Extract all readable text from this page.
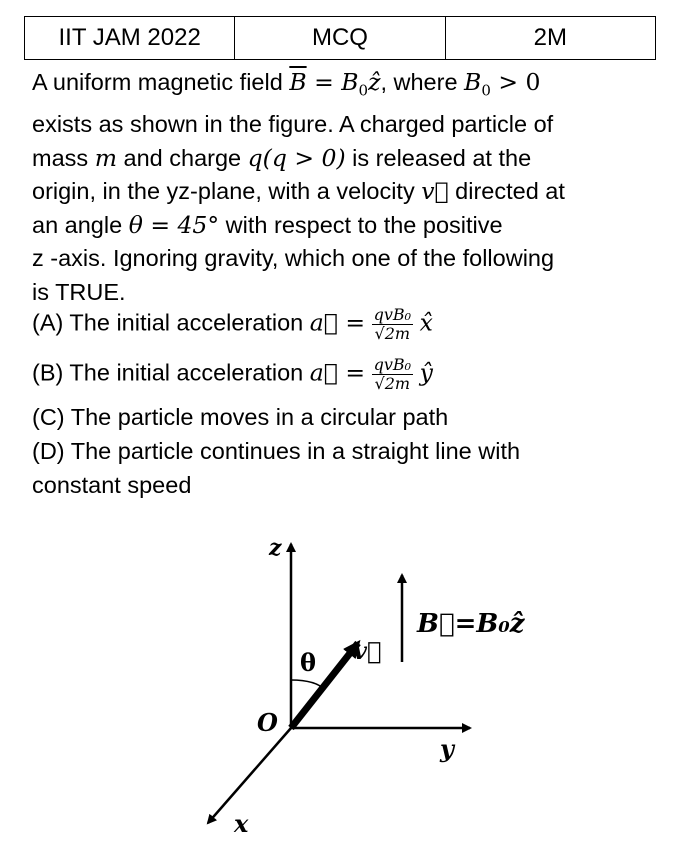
IIT JAM 2022	MCQ	2M
A uniform magnetic field $\overline{B}$ = $B_0ẑ$, where $B_0 > 0$
exists as shown in the figure. A charged particle of
mass m and charge q(q > 0) is released at the
origin, in the yz-plane, with a velocity v⃗ directed at
an angle θ = 45° with respect to the positive
z -axis. Ignoring gravity, which one of the following
is TRUE.
(A) The initial acceleration a⃗ = $\frac{\text{qvB₀}}{√2m}$ x̂
(B) The initial acceleration a⃗ = $\frac{\text{qvB₀}}{√2m}$ ŷ
(C) The particle moves in a circular path
(D) The particle continues in a straight line with
constant speed
z
y
x
O
θ v⃗
B⃗=B₀ẑ
